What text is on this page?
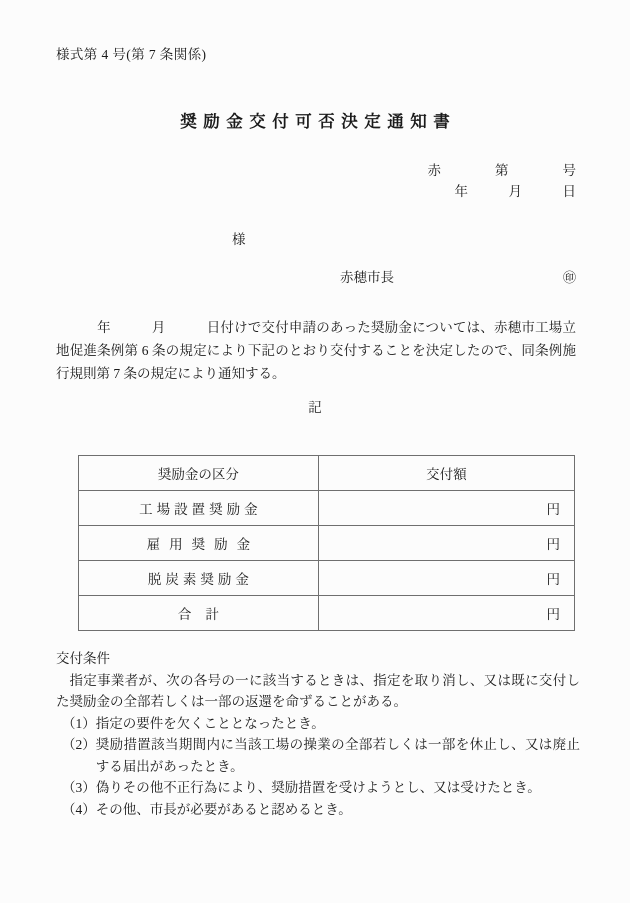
様式第 4 号(第 7 条関係)
奨励金交付可否決定通知書
赤　　　　第　　　　号
年　　　月　　　日
様
赤穂市長	㊞
　　　年　　　月　　　日付けで交付申請のあった奨励金については、赤穂市工場立地促進条例第 6 条の規定により下記のとおり交付することを決定したので、同条例施行規則第 7 条の規定により通知する。
記
奨励金の区分	交付額
工場設置奨励金	円
雇用奨励金	円
脱炭素奨励金	円
合計	円
交付条件
指定事業者が、次の各号の一に該当するときは、指定を取り消し、又は既に交付した奨励金の全部若しくは一部の返還を命ずることがある。
（1） 指定の要件を欠くこととなったとき。
（2） 奨励措置該当期間内に当該工場の操業の全部若しくは一部を休止し、又は廃止する届出があったとき。
（3） 偽りその他不正行為により、奨励措置を受けようとし、又は受けたとき。
（4） その他、市長が必要があると認めるとき。
